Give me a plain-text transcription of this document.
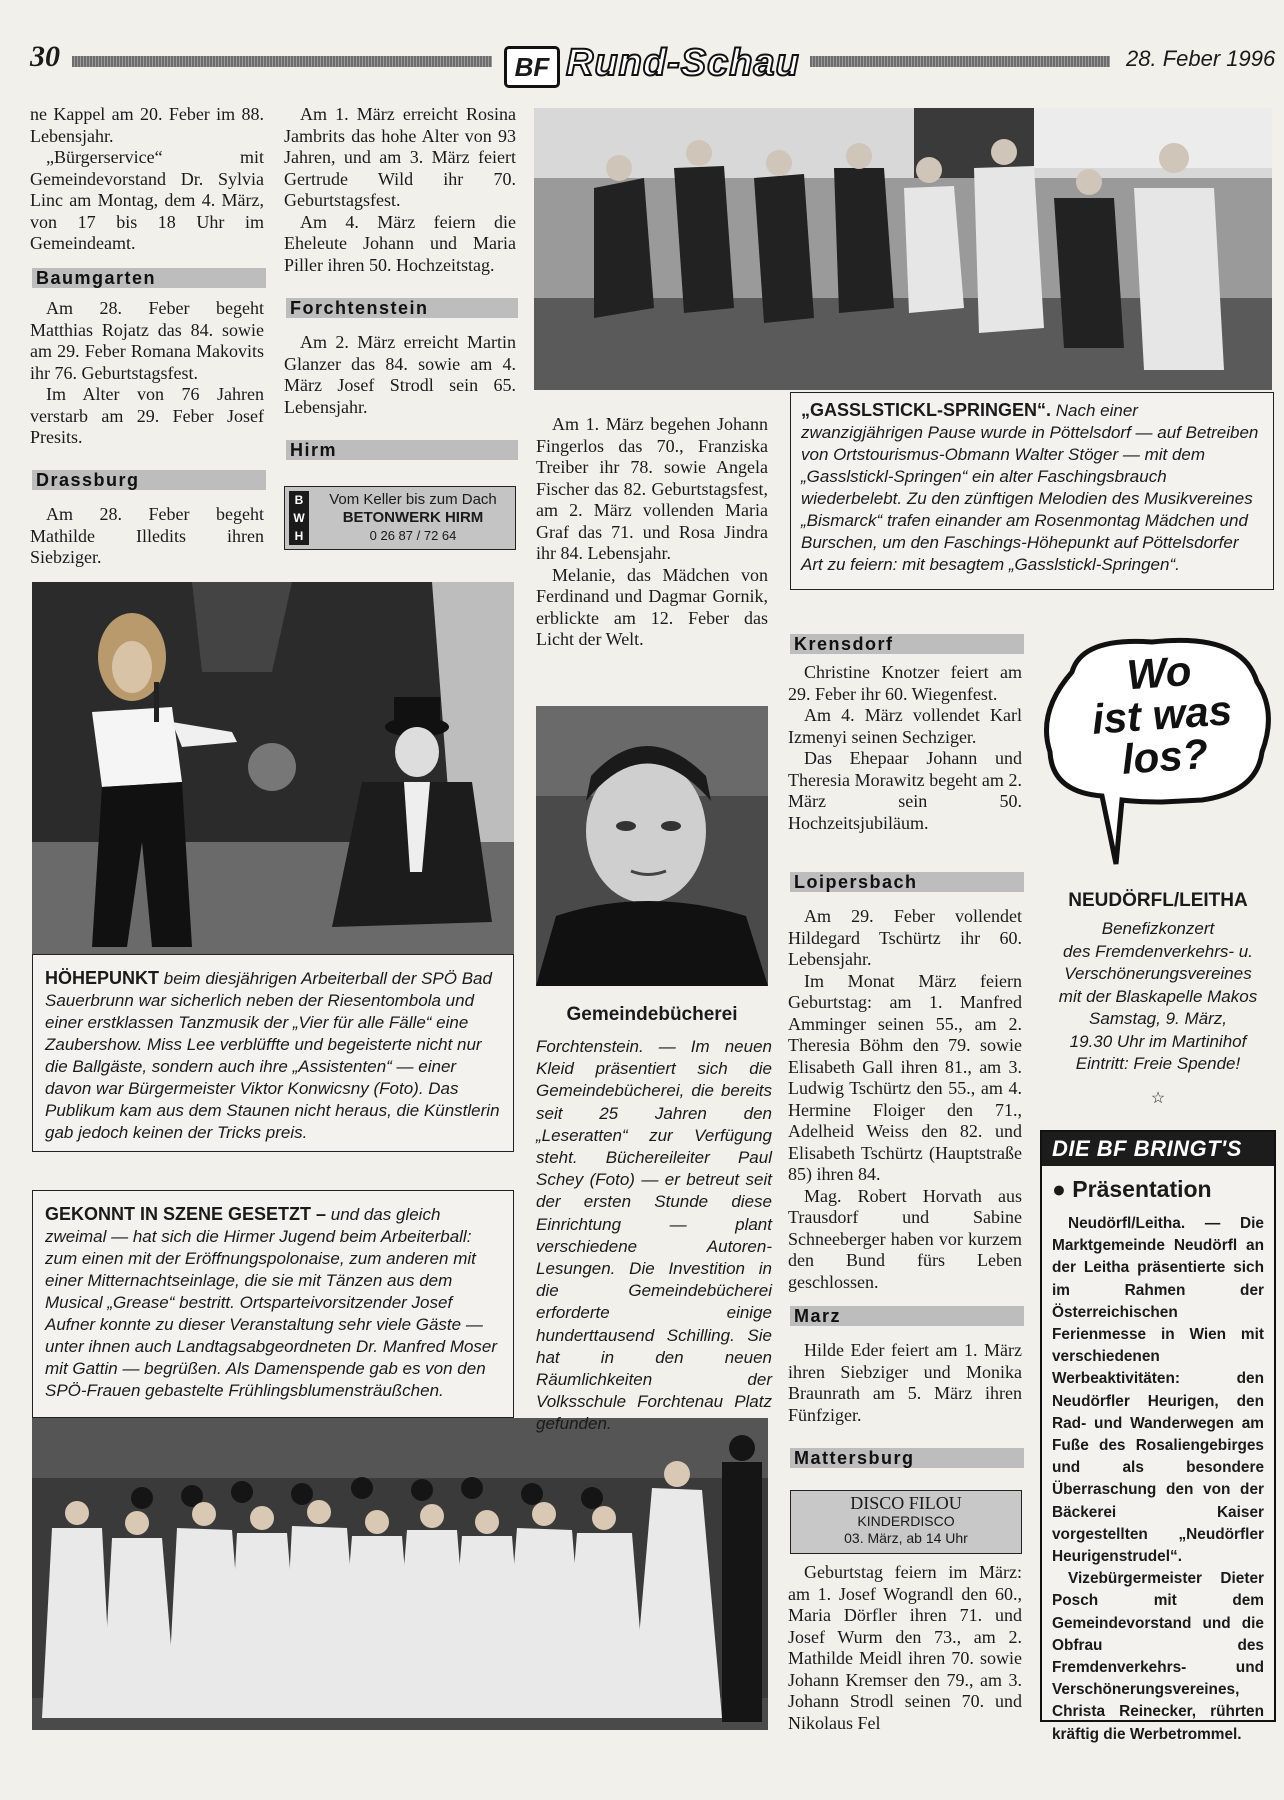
30	BF Rund-Schau	28. Feber 1996

ne Kappel am 20. Feber im 88. Lebensjahr.

„Bürgerservice“ mit Gemeindevorstand Dr. Sylvia Linc am Montag, dem 4. März, von 17 bis 18 Uhr im Gemeindeamt.

Baumgarten

Am 28. Feber begeht Matthias Rojatz das 84. sowie am 29. Feber Romana Makovits ihr 76. Geburtstagsfest.

Im Alter von 76 Jahren verstarb am 29. Feber Josef Presits.

Drassburg

Am 28. Feber begeht Mathilde Illedits ihren Siebziger.

Am 1. März erreicht Rosina Jambrits das hohe Alter von 93 Jahren, und am 3. März feiert Gertrude Wild ihr 70. Geburtstagsfest.

Am 4. März feiern die Eheleute Johann und Maria Piller ihren 50. Hochzeitstag.

Forchtenstein

Am 2. März erreicht Martin Glanzer das 84. sowie am 4. März Josef Strodl sein 65. Lebensjahr.

Hirm
B
W
H
Vom Keller bis zum Dach
BETONWERK HIRM
0 26 87 / 72 64
HÖHEPUNKT beim diesjährigen Arbeiterball der SPÖ Bad Sauerbrunn war sicherlich neben der Riesentombola und einer erstklassen Tanzmusik der „Vier für alle Fälle“ eine Zaubershow. Miss Lee verblüffte und begeisterte nicht nur die Ballgäste, sondern auch ihre „Assistenten“ — einer davon war Bürgermeister Viktor Konwicsny (Foto). Das Publikum kam aus dem Staunen nicht heraus, die Künstlerin gab jedoch keinen der Tricks preis.
GEKONNT IN SZENE GESETZT – und das gleich zweimal — hat sich die Hirmer Jugend beim Arbeiterball: zum einen mit der Eröffnungspolonaise, zum anderen mit einer Mitternachtseinlage, die sie mit Tänzen aus dem Musical „Grease“ bestritt. Ortsparteivorsitzender Josef Aufner konnte zu dieser Veranstaltung sehr viele Gäste — unter ihnen auch Landtagsabgeordneten Dr. Manfred Moser mit Gattin — begrüßen. Als Damenspende gab es von den SPÖ-Frauen gebastelte Frühlingsblumensträußchen.
„GASSLSTICKL-SPRINGEN“. Nach einer zwanzigjährigen Pause wurde in Pöttelsdorf — auf Betreiben von Ortstourismus-Obmann Walter Stöger — mit dem „Gasslstickl-Springen“ ein alter Faschingsbrauch wiederbelebt. Zu den zünftigen Melodien des Musikvereines „Bismarck“ trafen einander am Rosenmontag Mädchen und Burschen, um den Faschings-Höhepunkt auf Pöttelsdorfer Art zu feiern: mit besagtem „Gasslstickl-Springen“.

Am 1. März begehen Johann Fingerlos das 70., Franziska Treiber ihr 78. sowie Angela Fischer das 82. Geburtstagsfest, am 2. März vollenden Maria Graf das 71. und Rosa Jindra ihr 84. Lebensjahr.

Melanie, das Mädchen von Ferdinand und Dagmar Gornik, erblickte am 12. Feber das Licht der Welt.

Gemeindebücherei
Forchtenstein. — Im neuen Kleid präsentiert sich die Gemeindebücherei, die bereits seit 25 Jahren den „Leseratten“ zur Verfügung steht. Büchereileiter Paul Schey (Foto) — er betreut seit der ersten Stunde diese Einrichtung — plant verschiedene Autoren-Lesungen. Die Investition in die Gemeindebücherei erforderte einige hunderttausend Schilling. Sie hat in den neuen Räumlichkeiten der Volksschule Forchtenau Platz gefunden.
Krensdorf

Christine Knotzer feiert am 29. Feber ihr 60. Wiegenfest.

Am 4. März vollendet Karl Izmenyi seinen Sechziger.

Das Ehepaar Johann und Theresia Morawitz begeht am 2. März sein 50. Hochzeitsjubiläum.

Loipersbach

Am 29. Feber vollendet Hildegard Tschürtz ihr 60. Lebensjahr.

Im Monat März feiern Geburtstag: am 1. Manfred Amminger seinen 55., am 2. Theresia Böhm den 79. sowie Elisabeth Gall ihren 81., am 3. Ludwig Tschürtz den 55., am 4. Hermine Floiger den 71., Adelheid Weiss den 82. und Elisabeth Tschürtz (Hauptstraße 85) ihren 84.

Mag. Robert Horvath aus Trausdorf und Sabine Schneeberger haben vor kurzem den Bund fürs Leben geschlossen.

Marz

Hilde Eder feiert am 1. März ihren Siebziger und Monika Braunrath am 5. März ihren Fünfziger.

Mattersburg
DISCO FILOU
KINDERDISCO
03. März, ab 14 Uhr

Geburtstag feiern im März: am 1. Josef Wograndl den 60., Maria Dörfler ihren 71. und Josef Wurm den 73., am 2. Mathilde Meidl ihren 70. sowie Johann Kremser den 79., am 3. Johann Strodl seinen 70. und Nikolaus Fel

Wo
ist was
los?
NEUDÖRFL/LEITHA
Benefizkonzert
des Fremdenverkehrs- u.
Verschönerungsvereines
mit der Blaskapelle Makos
Samstag, 9. März,
19.30 Uhr im Martinihof
Eintritt: Freie Spende!
☆
DIE BF BRINGT'S
● Präsentation

Neudörfl/Leitha. — Die Marktgemeinde Neudörfl an der Leitha präsentierte sich im Rahmen der Österreichischen Ferienmesse in Wien mit verschiedenen Werbeaktivitäten: den Neudörfler Heurigen, den Rad- und Wanderwegen am Fuße des Rosaliengebirges und als besondere Überraschung den von der Bäckerei Kaiser vorgestellten „Neudörfler Heurigenstrudel“.

Vizebürgermeister Dieter Posch mit dem Gemeindevorstand und die Obfrau des Fremdenverkehrs- und Verschönerungsvereines, Christa Reinecker, rührten kräftig die Werbetrommel.
